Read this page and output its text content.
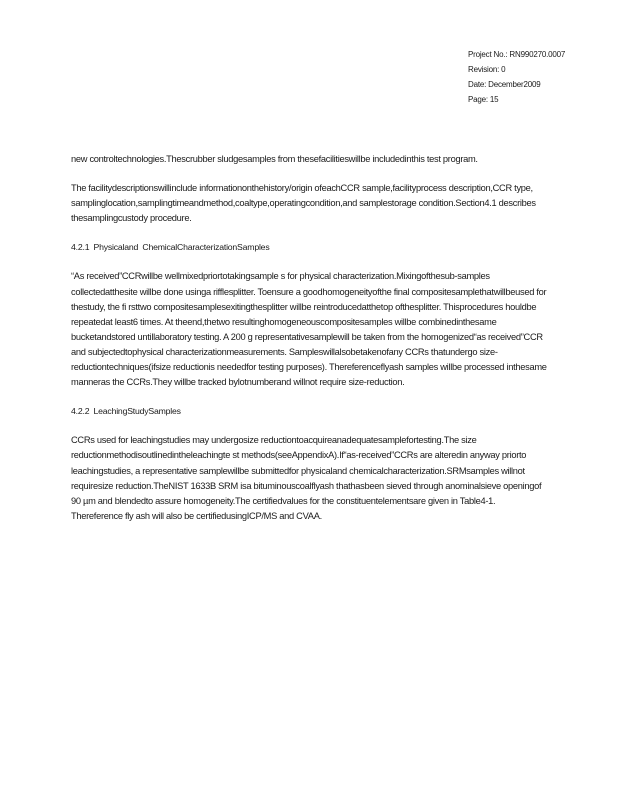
Project No.: RN990270.0007
Revision: 0
Date: December2009
Page: 15

new controltechnologies.Thescrubber sludgesamples from thesefacilitieswillbe includedinthis test program.

The facilitydescriptionswillinclude informationonthehistory/origin ofeachCCR sample,facilityprocess description,CCR type, samplinglocation,samplingtimeandmethod,coaltype,operatingcondition,and samplestorage condition.Section4.1 describes thesamplingcustody procedure.

4.2.1 Physicaland ChemicalCharacterizationSamples

“As received”CCRwillbe wellmixedpriortotakingsample s for physical characterization.Mixingofthesub-samples collectedatthesite willbe done usinga rifflesplitter. Toensure a goodhomogeneityofthe final compositesamplethatwillbeused for thestudy, the fi rsttwo compositesamplesexitingthesplitter willbe reintroducedatthetop ofthesplitter. Thisprocedures houldbe repeatedat least6 times. At theend,thetwo resultinghomogeneouscompositesamples willbe combinedinthesame bucketandstored untillaboratory testing. A 200 g representativesamplewill be taken from the homogenized“as received”CCR and subjectedtophysical characterizationmeasurements. Sampleswillalsobetakenofany CCRs thatundergo size-reductiontechniques(ifsize reductionis neededfor testing purposes). Thereferenceflyash samples willbe processed inthesame manneras the CCRs.They willbe tracked bylotnumberand willnot require size-reduction.

4.2.2 LeachingStudySamples

CCRs used for leachingstudies may undergosize reductiontoacquireanadequatesamplefortesting.The size reductionmethodisoutlinedintheleachingte st methods(seeAppendixA).If“as-received”CCRs are alteredin anyway priorto leachingstudies, a representative samplewillbe submittedfor physicaland chemicalcharacterization.SRMsamples willnot requiresize reduction.TheNIST 1633B SRM isa bituminouscoalflyash thathasbeen sieved through anominalsieve openingof 90 µm and blendedto assure homogeneity.The certifiedvalues for the constituentelementsare given in Table4-1. Thereference fly ash will also be certifiedusingICP/MS and CVAA.
